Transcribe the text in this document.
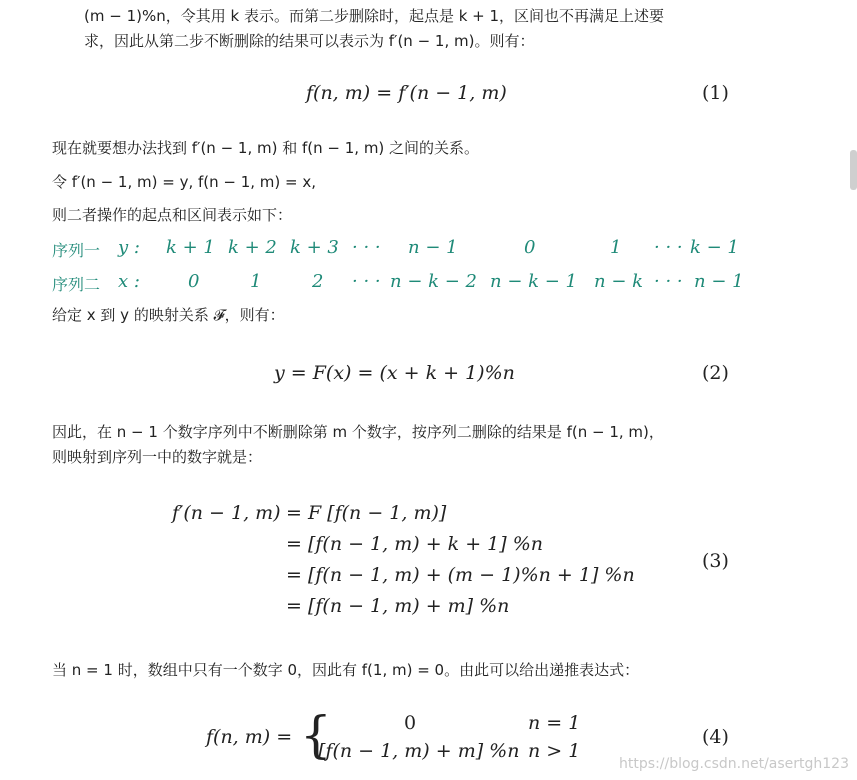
(m − 1)%n，令其用 k 表示。而第二步删除时，起点是 k + 1，区间也不再满足上述要
求，因此从第二步不断删除的结果可以表示为 f′(n − 1, m)。则有：
f(n, m) = f′(n − 1, m)	(1)
现在就要想办法找到 f′(n − 1, m) 和 f(n − 1, m) 之间的关系。
令 f′(n − 1, m) = y, f(n − 1, m) = x,
则二者操作的起点和区间表示如下：
序列一 y : k + 1 k + 2 k + 3 · · · n − 1	0	1 · · · k − 1
序列二 x :	0	1	2 · · · n − k − 2 n − k − 1 n − k · · · n − 1
给定 x 到 y 的映射关系 𝓕，则有：
y = F(x) = (x + k + 1)%n	(2)
因此，在 n − 1 个数字序列中不断删除第 m 个数字，按序列二删除的结果是 f(n − 1, m)，
则映射到序列一中的数字就是：
f′(n − 1, m) = F [f(n − 1, m)]
= [f(n − 1, m) + k + 1] %n
= [f(n − 1, m) + (m − 1)%n + 1] %n
= [f(n − 1, m) + m] %n
(3)
当 n = 1 时，数组中只有一个数字 0，因此有 f(1, m) = 0。由此可以给出递推表达式：
f(n, m) = {	0	n = 1
[f(n − 1, m) + m] %n n > 1
(4)
https://blog.csdn.net/asertgh123
